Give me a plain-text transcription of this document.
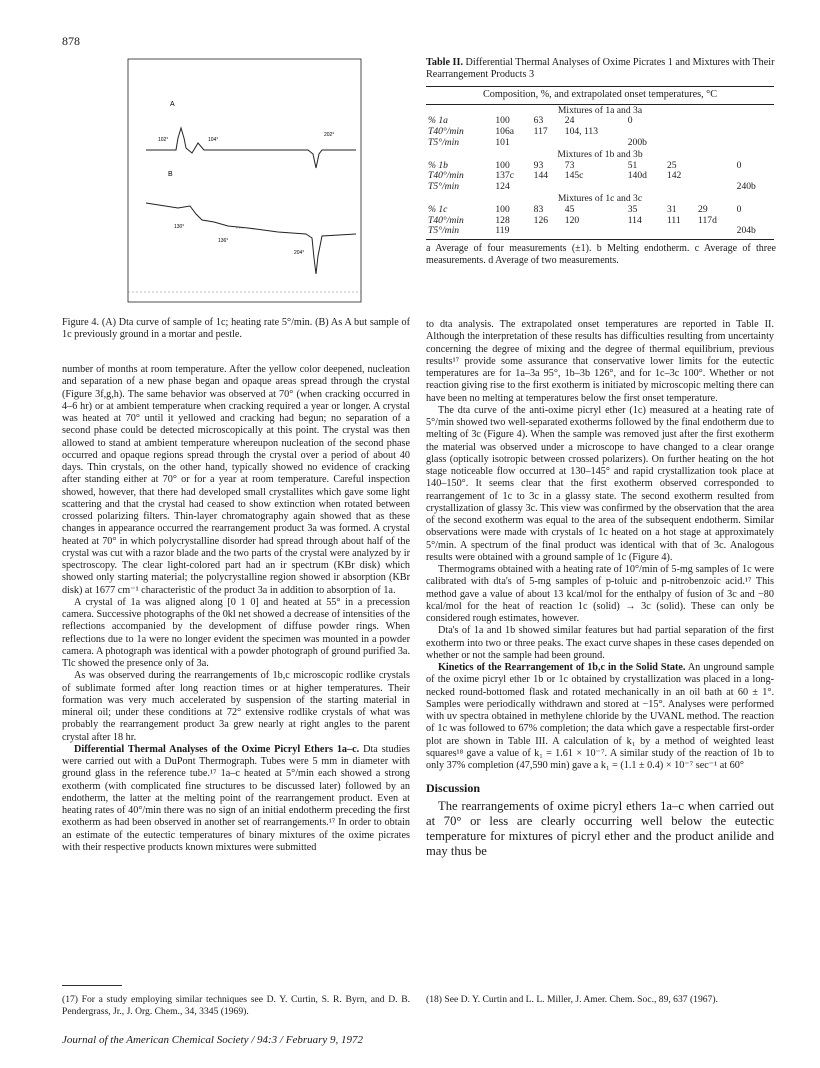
878
A
102°	104°
202°
B
130°
136°
204°
Figure 4. (A) Dta curve of sample of 1c; heating rate 5°/min. (B) As A but sample of 1c previously ground in a mortar and pestle.
Table II. Differential Thermal Analyses of Oxime Picrates 1 and Mixtures with Their Rearrangement Products 3
Composition, %, and extrapolated onset temperatures, °C							
Mixtures of 1a and 3a							
% 1a	100	63	24	0			
T40°/min	106a	117	104, 113				
T5°/min	101			200b			
Mixtures of 1b and 3b							
% 1b	100	93	73	51	25		0
T40°/min	137c	144	145c	140d	142		
T5°/min	124						240b
Mixtures of 1c and 3c							
% 1c	100	83	45	35	31	29	0
T40°/min	128	126	120	114	111	117d	
T5°/min	119						204b
a Average of four measurements (±1). b Melting endotherm. c Average of three measurements. d Average of two measurements.

number of months at room temperature. After the yellow color deepened, nucleation and separation of a new phase began and opaque areas spread through the crystal (Figure 3f,g,h). The same behavior was observed at 70° (when cracking occurred in 4–6 hr) or at ambient temperature when cracking required a year or longer. A crystal was heated at 70° until it yellowed and cracking had begun; no separation of a second phase could be detected microscopically at this point. The crystal was then allowed to stand at ambient temperature whereupon nucleation of the second phase occurred and opaque regions spread through the crystal over a period of about 40 days. Thin crystals, on the other hand, typically showed no evidence of cracking after standing either at 70° or for a year at room temperature. Careful inspection showed, however, that there had developed small crystallites which gave some light scattering and that the crystal had ceased to show extinction when rotated between crossed polarizing filters. Thin-layer chromatography again showed that as these changes in appearance occurred the rearrangement product 3a was formed. A crystal heated at 70° in which polycrystalline disorder had spread through about half of the crystal was cut with a razor blade and the two parts of the crystal were analyzed by ir spectroscopy. The clear light-colored part had an ir spectrum (KBr disk) which showed only starting material; the polycrystalline region showed ir absorption (KBr disk) at 1677 cm⁻¹ characteristic of the product 3a in addition to absorption of 1a.

A crystal of 1a was aligned along [0 1 0] and heated at 55° in a precession camera. Successive photographs of the 0kl net showed a decrease of intensities of the reflections accompanied by the development of diffuse powder rings. When reflections due to 1a were no longer evident the specimen was mounted in a powder camera. A photograph was identical with a powder photograph of ground purified 3a. Tlc showed the presence only of 3a.

As was observed during the rearrangements of 1b,c microscopic rodlike crystals of sublimate formed after long reaction times or at higher temperatures. Their formation was very much accelerated by suspension of the starting material in mineral oil; under these conditions at 72° extensive rodlike crystals of what was probably the rearrangement product 3a grew nearly at right angles to the parent crystal after 18 hr.

Differential Thermal Analyses of the Oxime Picryl Ethers 1a–c. Dta studies were carried out with a DuPont Thermograph. Tubes were 5 mm in diameter with ground glass in the reference tube.¹⁷ 1a–c heated at 5°/min each showed a strong exotherm (with complicated fine structures to be discussed later) followed by an endotherm, the latter at the melting point of the rearrangement product. Even at heating rates of 40°/min there was no sign of an initial endotherm preceding the first exotherm as had been observed in another set of rearrangements.¹⁷ In order to obtain an estimate of the eutectic temperatures of binary mixtures of the oxime picrates with their respective products known mixtures were submitted

to dta analysis. The extrapolated onset temperatures are reported in Table II. Although the interpretation of these results has difficulties resulting from uncertainty concerning the degree of mixing and the degree of thermal equilibrium, previous results¹⁷ provide some assurance that conservative lower limits for the eutectic temperatures are for 1a–3a 95°, 1b–3b 126°, and for 1c–3c 100°. Whether or not reaction giving rise to the first exotherm is initiated by microscopic melting there can have been no melting at temperatures below the first onset temperature.

The dta curve of the anti-oxime picryl ether (1c) measured at a heating rate of 5°/min showed two well-separated exotherms followed by the final endotherm due to melting of 3c (Figure 4). When the sample was removed just after the first exotherm the material was observed under a microscope to have changed to a clear orange glass (optically isotropic between crossed polarizers). On further heating on the hot stage noticeable flow occurred at 130–145° and rapid crystallization took place at 140–150°. It seems clear that the first exotherm observed corresponded to rearrangement of 1c to 3c in a glassy state. The second exotherm resulted from crystallization of glassy 3c. This view was confirmed by the observation that the area of the second exotherm was equal to the area of the subsequent endotherm. Similar observations were made with crystals of 1c heated on a hot stage at approximately 5°/min. A spectrum of the final product was identical with that of 3c. Analogous results were obtained with a ground sample of 1c (Figure 4).

Thermograms obtained with a heating rate of 10°/min of 5-mg samples of 1c were calibrated with dta's of 5-mg samples of p-toluic and p-nitrobenzoic acid.¹⁷ This method gave a value of about 13 kcal/mol for the enthalpy of fusion of 3c and −80 kcal/mol for the heat of reaction 1c (solid) → 3c (solid). These can only be considered rough estimates, however.

Dta's of 1a and 1b showed similar features but had partial separation of the first exotherm into two or three peaks. The exact curve shapes in these cases depended on whether or not the sample had been ground.

Kinetics of the Rearrangement of 1b,c in the Solid State. An unground sample of the oxime picryl ether 1b or 1c obtained by crystallization was placed in a long-necked round-bottomed flask and rotated mechanically in an oil bath at 60 ± 1°. Samples were periodically withdrawn and stored at −15°. Analyses were performed with uv spectra obtained in methylene chloride by the UVANL method. The reaction of 1c was followed to 67% completion; the data which gave a respectable first-order plot are shown in Table III. A calculation of k₁ by a method of weighted least squares¹⁸ gave a value of k₁ = 1.61 × 10⁻⁷. A similar study of the reaction of 1b to only 37% completion (47,590 min) gave a k₁ = (1.1 ± 0.4) × 10⁻⁷ sec⁻¹ at 60°

Discussion

The rearrangements of oxime picryl ethers 1a–c when carried out at 70° or less are clearly occurring well below the eutectic temperature for mixtures of picryl ether and the product anilide and may thus be

(17) For a study employing similar techniques see D. Y. Curtin, S. R. Byrn, and D. B. Pendergrass, Jr., J. Org. Chem., 34, 3345 (1969).
(18) See D. Y. Curtin and L. L. Miller, J. Amer. Chem. Soc., 89, 637 (1967).
Journal of the American Chemical Society / 94:3 / February 9, 1972
